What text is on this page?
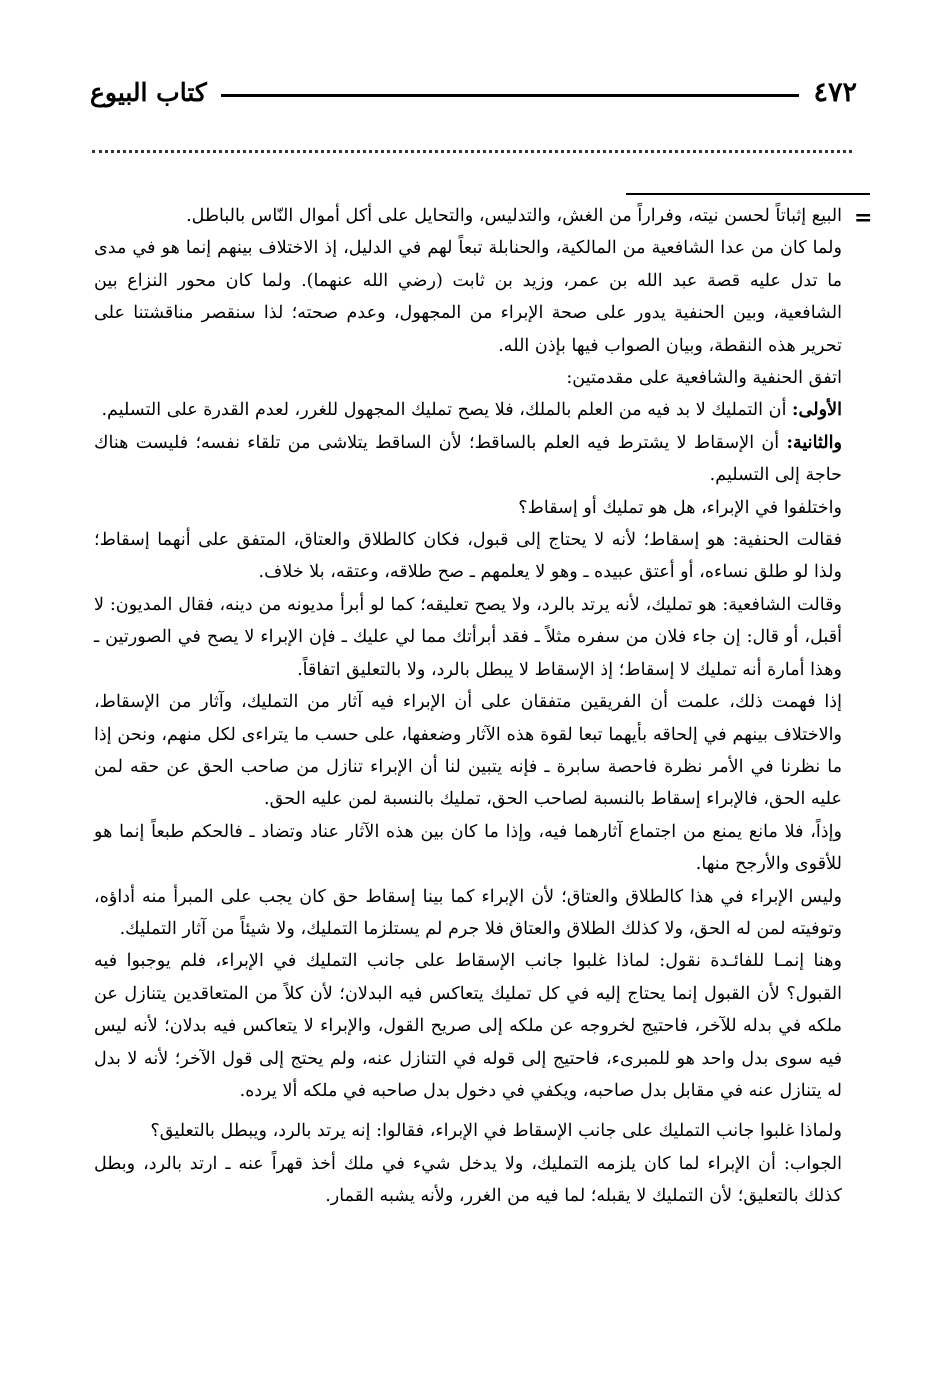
٤٧٢
كتاب البيوع
=

البيع إثباتاً لحسن نيته، وفراراً من الغش، والتدليس، والتحايل على أكل أموال النّاس بالباطل.

ولما كان من عدا الشافعية من المالكية، والحنابلة تبعاً لهم في الدليل، إذ الاختلاف بينهم إنما هو في مدى ما تدل عليه قصة عبد الله بن عمر، وزيد بن ثابت (رضي الله عنهما). ولما كان محور النزاع بين الشافعية، وبين الحنفية يدور على صحة الإبراء من المجهول، وعدم صحته؛ لذا سنقصر مناقشتنا على تحرير هذه النقطة، وبيان الصواب فيها بإذن الله.

اتفق الحنفية والشافعية على مقدمتين:

الأولى: أن التمليك لا بد فيه من العلم بالملك، فلا يصح تمليك المجهول للغرر، لعدم القدرة على التسليم.

والثانية: أن الإسقاط لا يشترط فيه العلم بالساقط؛ لأن الساقط يتلاشى من تلقاء نفسه؛ فليست هناك حاجة إلى التسليم.

واختلفوا في الإبراء، هل هو تمليك أو إسقاط؟

فقالت الحنفية: هو إسقاط؛ لأنه لا يحتاج إلى قبول، فكان كالطلاق والعتاق، المتفق على أنهما إسقاط؛ ولذا لو طلق نساءه، أو أعتق عبيده ـ وهو لا يعلمهم ـ صح طلاقه، وعتقه، بلا خلاف.

وقالت الشافعية: هو تمليك، لأنه يرتد بالرد، ولا يصح تعليقه؛ كما لو أبرأ مديونه من دينه، فقال المديون: لا أقبل، أو قال: إن جاء فلان من سفره مثلاً ـ فقد أبرأتك مما لي عليك ـ فإن الإبراء لا يصح في الصورتين ـ وهذا أمارة أنه تمليك لا إسقاط؛ إذ الإسقاط لا يبطل بالرد، ولا بالتعليق اتفاقاً.

إذا فهمت ذلك، علمت أن الفريقين متفقان على أن الإبراء فيه آثار من التمليك، وآثار من الإسقاط، والاختلاف بينهم في إلحاقه بأيهما تبعا لقوة هذه الآثار وضعفها، على حسب ما يتراءى لكل منهم، ونحن إذا ما نظرنا في الأمر نظرة فاحصة سابرة ـ فإنه يتبين لنا أن الإبراء تنازل من صاحب الحق عن حقه لمن عليه الحق، فالإبراء إسقاط بالنسبة لصاحب الحق، تمليك بالنسبة لمن عليه الحق.

وإذاً، فلا مانع يمنع من اجتماع آثارهما فيه، وإذا ما كان بين هذه الآثار عناد وتضاد ـ فالحكم طبعاً إنما هو للأقوى والأرجح منها.

وليس الإبراء في هذا كالطلاق والعتاق؛ لأن الإبراء كما بينا إسقاط حق كان يجب على المبرأ منه أداؤه، وتوفيته لمن له الحق، ولا كذلك الطلاق والعتاق فلا جرم لم يستلزما التمليك، ولا شيئاً من آثار التمليك.

وهنا إنمـا للفائـدة نقول: لماذا غلبوا جانب الإسقاط على جانب التمليك في الإبراء، فلم يوجبوا فيه القبول؟ لأن القبول إنما يحتاج إليه في كل تمليك يتعاكس فيه البدلان؛ لأن كلاً من المتعاقدين يتنازل عن ملكه في بدله للآخر، فاحتيج لخروجه عن ملكه إلى صريح القول، والإبراء لا يتعاكس فيه بدلان؛ لأنه ليس فيه سوى بدل واحد هو للمبرىء، فاحتيج إلى قوله في التنازل عنه، ولم يحتج إلى قول الآخر؛ لأنه لا بدل له يتنازل عنه في مقابل بدل صاحبه، ويكفي في دخول بدل صاحبه في ملكه ألا يرده.

ولماذا غلبوا جانب التمليك على جانب الإسقاط في الإبراء، فقالوا: إنه يرتد بالرد، ويبطل بالتعليق؟

الجواب: أن الإبراء لما كان يلزمه التمليك، ولا يدخل شيء في ملك أخذ قهراً عنه ـ ارتد بالرد، وبطل كذلك بالتعليق؛ لأن التمليك لا يقبله؛ لما فيه من الغرر، ولأنه يشبه القمار.
